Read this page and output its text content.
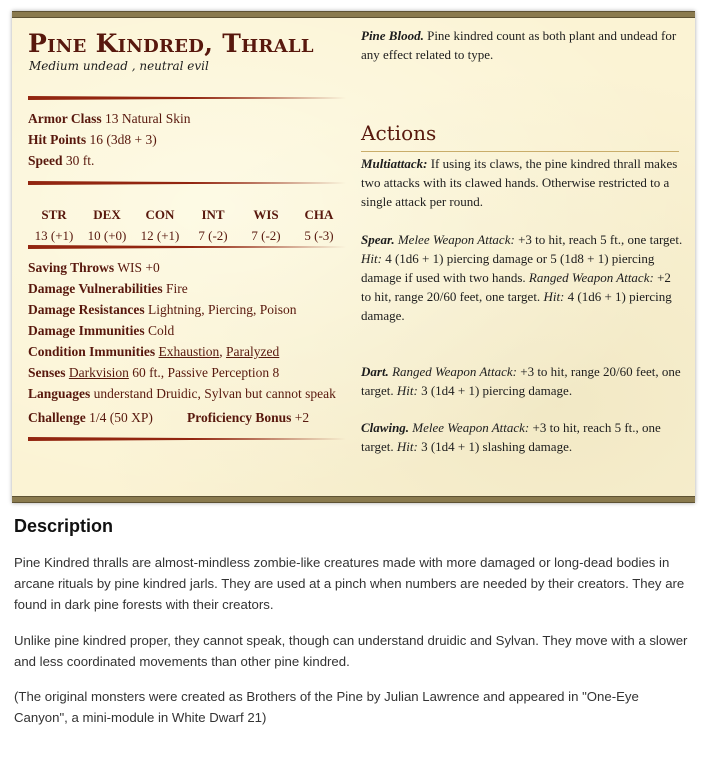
Pine Kindred, Thrall
Medium undead , neutral evil
Armor Class 13 Natural Skin
Hit Points 16 (3d8 + 3)
Speed 30 ft.
STR
13 (+1)
DEX
10 (+0)
CON
12 (+1)
INT
7 (-2)
WIS
7 (-2)
CHA
5 (-3)
Saving Throws WIS +0
Damage Vulnerabilities Fire
Damage Resistances Lightning, Piercing, Poison
Damage Immunities Cold
Condition Immunities Exhaustion, Paralyzed
Senses Darkvision 60 ft., Passive Perception 8
Languages understand Druidic, Sylvan but cannot speak
Challenge 1/4 (50 XP)	Proficiency Bonus +2
Pine Blood. Pine kindred count as both plant and undead for any effect related to type.
Actions
Multiattack: If using its claws, the pine kindred thrall makes two attacks with its clawed hands. Otherwise restricted to a single attack per round.
Spear. Melee Weapon Attack: +3 to hit, reach 5 ft., one target. Hit: 4 (1d6 + 1) piercing damage or 5 (1d8 + 1) piercing damage if used with two hands. Ranged Weapon Attack: +2 to hit, range 20/60 feet, one target. Hit: 4 (1d6 + 1) piercing damage.
Dart. Ranged Weapon Attack: +3 to hit, range 20/60 feet, one target. Hit: 3 (1d4 + 1) piercing damage.
Clawing. Melee Weapon Attack: +3 to hit, reach 5 ft., one target. Hit: 3 (1d4 + 1) slashing damage.
Description

Pine Kindred thralls are almost-mindless zombie-like creatures made with more damaged or long-dead bodies in arcane rituals by pine kindred jarls. They are used at a pinch when numbers are needed by their creators. They are found in dark pine forests with their creators.

Unlike pine kindred proper, they cannot speak, though can understand druidic and Sylvan. They move with a slower and less coordinated movements than other pine kindred.

(The original monsters were created as Brothers of the Pine by Julian Lawrence and appeared in "One-Eye Canyon", a mini-module in White Dwarf 21)
